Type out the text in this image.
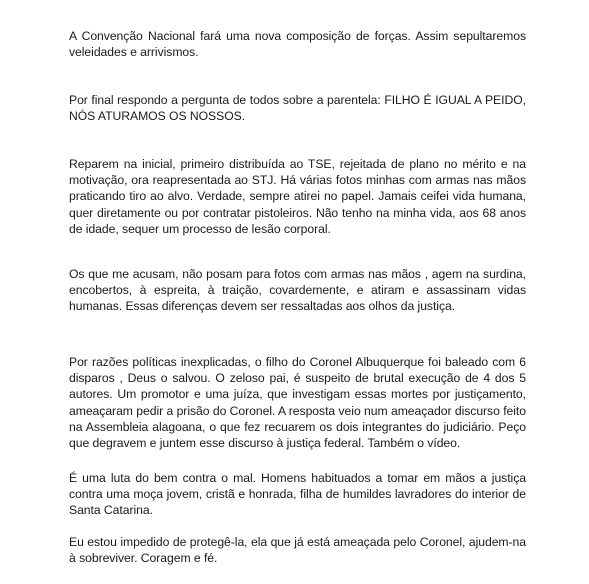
A Convenção Nacional fará uma nova composição de forças. Assim sepultaremos veleidades e arrivismos.

Por final respondo a pergunta de todos sobre a parentela: FILHO É IGUAL A PEIDO, NÓS ATURAMOS OS NOSSOS.

Reparem na inicial, primeiro distribuída ao TSE, rejeitada de plano no mérito e na motivação, ora reapresentada ao STJ. Há várias fotos minhas com armas nas mãos praticando tiro ao alvo. Verdade, sempre atirei no papel. Jamais ceifei vida humana, quer diretamente ou por contratar pistoleiros. Não tenho na minha vida, aos 68 anos de idade, sequer um processo de lesão corporal.

Os que me acusam, não posam para fotos com armas nas mãos , agem na surdina, encobertos, à espreita, à traição, covardemente, e atiram e assassinam vidas humanas. Essas diferenças devem ser ressaltadas aos olhos da justiça.

Por razões políticas inexplicadas, o filho do Coronel Albuquerque foi baleado com 6 disparos , Deus o salvou. O zeloso pai, é suspeito de brutal execução de 4 dos 5 autores. Um promotor e uma juíza, que investigam essas mortes por justiçamento, ameaçaram pedir a prisão do Coronel. A resposta veio num ameaçador discurso feito na Assembleia alagoana, o que fez recuarem os dois integrantes do judiciário. Peço que degravem e juntem esse discurso à justiça federal. Também o vídeo.

É uma luta do bem contra o mal. Homens habituados a tomar em mãos a justiça contra uma moça jovem, cristã e honrada, filha de humildes lavradores do interior de Santa Catarina.

Eu estou impedido de protegê-la, ela que já está ameaçada pelo Coronel, ajudem-na à sobreviver. Coragem e fé.
